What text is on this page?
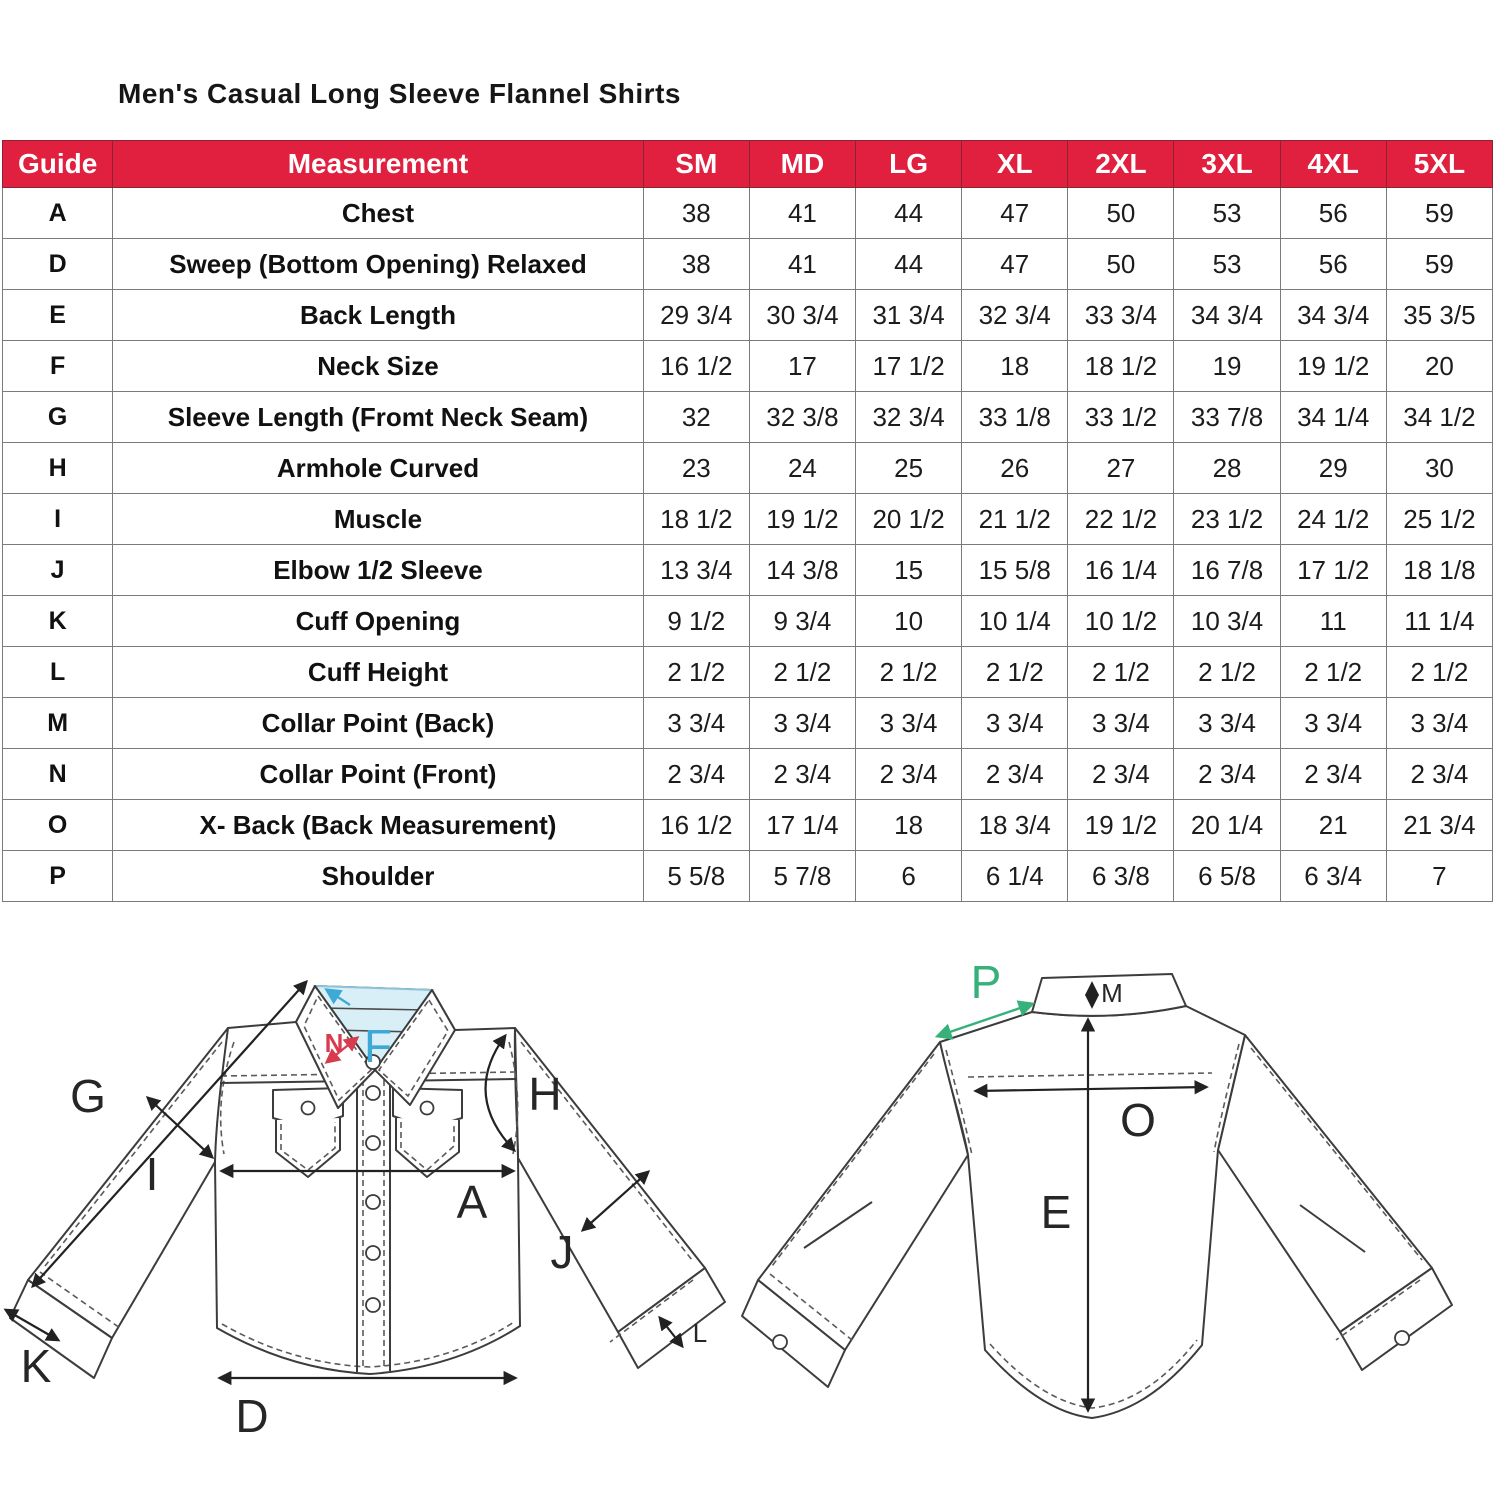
Men's Casual Long Sleeve Flannel Shirts
Guide	Measurement	SM	MD	LG	XL	2XL	3XL	4XL	5XL
A	Chest	38	41	44	47	50	53	56	59
D	Sweep (Bottom Opening) Relaxed	38	41	44	47	50	53	56	59
E	Back Length	29 3/4	30 3/4	31 3/4	32 3/4	33 3/4	34 3/4	34 3/4	35 3/5
F	Neck Size	16 1/2	17	17 1/2	18	18 1/2	19	19 1/2	20
G	Sleeve Length (Fromt Neck Seam)	32	32 3/8	32 3/4	33 1/8	33 1/2	33 7/8	34 1/4	34 1/2
H	Armhole Curved	23	24	25	26	27	28	29	30
I	Muscle	18 1/2	19 1/2	20 1/2	21 1/2	22 1/2	23 1/2	24 1/2	25 1/2
J	Elbow 1/2 Sleeve	13 3/4	14 3/8	15	15 5/8	16 1/4	16 7/8	17 1/2	18 1/8
K	Cuff Opening	9 1/2	9 3/4	10	10 1/4	10 1/2	10 3/4	11	11 1/4
L	Cuff Height	2 1/2	2 1/2	2 1/2	2 1/2	2 1/2	2 1/2	2 1/2	2 1/2
M	Collar Point (Back)	3 3/4	3 3/4	3 3/4	3 3/4	3 3/4	3 3/4	3 3/4	3 3/4
N	Collar Point (Front)	2 3/4	2 3/4	2 3/4	2 3/4	2 3/4	2 3/4	2 3/4	2 3/4
O	X- Back (Back Measurement)	16 1/2	17 1/4	18	18 3/4	19 1/2	20 1/4	21	21 3/4
P	Shoulder	5 5/8	5 7/8	6	6 1/4	6 3/8	6 5/8	6 3/4	7
G
I
F
N
H
A
J
K
L
D
M
P
O
E
